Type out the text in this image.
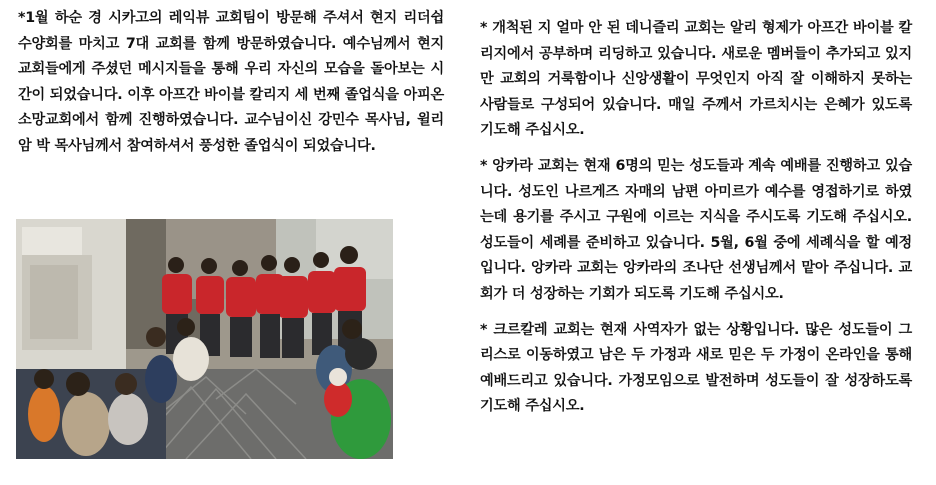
*1월 하순 경 시카고의 레익뷰 교회팀이 방문해 주셔서 현지 리더쉽 수양회를 마치고 7대 교회를 함께 방문하였습니다. 예수님께서 현지 교회들에게 주셨던 메시지들을 통해 우리 자신의 모습을 돌아보는 시간이 되었습니다. 이후 아프간 바이블 칼리지 세 번째 졸업식을 아피온 소망교회에서 함께 진행하였습니다. 교수님이신 강민수 목사님, 윌리암 박 목사님께서 참여하셔서 풍성한 졸업식이 되었습니다.

* 개척된 지 얼마 안 된 데니즐리 교회는 알리 형제가 아프간 바이블 칼리지에서 공부하며 리딩하고 있습니다. 새로운 멤버들이 추가되고 있지만 교회의 거룩함이나 신앙생활이 무엇인지 아직 잘 이해하지 못하는 사람들로 구성되어 있습니다. 매일 주께서 가르치시는 은혜가 있도록 기도해 주십시오.

* 앙카라 교회는 현재 6명의 믿는 성도들과 계속 예배를 진행하고 있습니다. 성도인 나르게즈 자매의 남편 아미르가 예수를 영접하기로 하였는데 용기를 주시고 구원에 이르는 지식을 주시도록 기도해 주십시오. 성도들이 세례를 준비하고 있습니다. 5월, 6월 중에 세례식을 할 예정입니다. 앙카라 교회는 앙카라의 조나단 선생님께서 맡아 주십니다. 교회가 더 성장하는 기회가 되도록 기도해 주십시오.

* 크르칼레 교회는 현재 사역자가 없는 상황입니다. 많은 성도들이 그리스로 이동하였고 남은 두 가정과 새로 믿은 두 가정이 온라인을 통해 예배드리고 있습니다. 가정모임으로 발전하며 성도들이 잘 성장하도록 기도해 주십시오.
